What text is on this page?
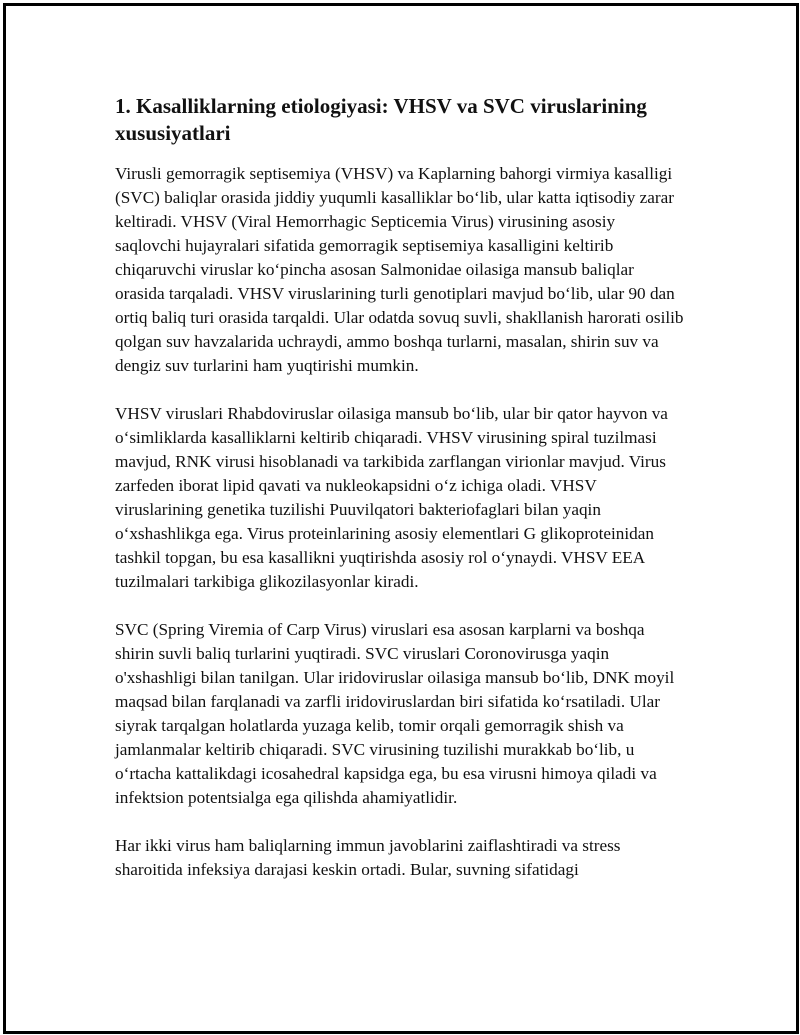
1. Kasalliklarning etiologiyasi: VHSV va SVC viruslarining xususiyatlari

Virusli gemorragik septisemiya (VHSV) va Kaplarning bahorgi virmiya kasalligi (SVC) baliqlar orasida jiddiy yuqumli kasalliklar bo‘lib, ular katta iqtisodiy zarar keltiradi. VHSV (Viral Hemorrhagic Septicemia Virus) virusining asosiy saqlovchi hujayralari sifatida gemorragik septisemiya kasalligini keltirib chiqaruvchi viruslar ko‘pincha asosan Salmonidae oilasiga mansub baliqlar orasida tarqaladi. VHSV viruslarining turli genotiplari mavjud bo‘lib, ular 90 dan ortiq baliq turi orasida tarqaldi. Ular odatda sovuq suvli, shakllanish harorati osilib qolgan suv havzalarida uchraydi, ammo boshqa turlarni, masalan, shirin suv va dengiz suv turlarini ham yuqtirishi mumkin.

VHSV viruslari Rhabdoviruslar oilasiga mansub bo‘lib, ular bir qator hayvon va o‘simliklarda kasalliklarni keltirib chiqaradi. VHSV virusining spiral tuzilmasi mavjud, RNK virusi hisoblanadi va tarkibida zarflangan virionlar mavjud. Virus zarfeden iborat lipid qavati va nukleokapsidni o‘z ichiga oladi. VHSV viruslarining genetika tuzilishi Puuvilqatori bakteriofaglari bilan yaqin o‘xshashlikga ega. Virus proteinlarining asosiy elementlari G glikoproteinidan tashkil topgan, bu esa kasallikni yuqtirishda asosiy rol o‘ynaydi. VHSV EEA tuzilmalari tarkibiga glikozilasyonlar kiradi.

SVC (Spring Viremia of Carp Virus) viruslari esa asosan karplarni va boshqa shirin suvli baliq turlarini yuqtiradi. SVC viruslari Coronovirusga yaqin o'xshashligi bilan tanilgan. Ular iridoviruslar oilasiga mansub bo‘lib, DNK moyil maqsad bilan farqlanadi va zarfli iridoviruslardan biri sifatida ko‘rsatiladi. Ular siyrak tarqalgan holatlarda yuzaga kelib, tomir orqali gemorragik shish va jamlanmalar keltirib chiqaradi. SVC virusining tuzilishi murakkab bo‘lib, u o‘rtacha kattalikdagi icosahedral kapsidga ega, bu esa virusni himoya qiladi va infektsion potentsialga ega qilishda ahamiyatlidir.

Har ikki virus ham baliqlarning immun javoblarini zaiflashtiradi va stress sharoitida infeksiya darajasi keskin ortadi. Bular, suvning sifatidagi
